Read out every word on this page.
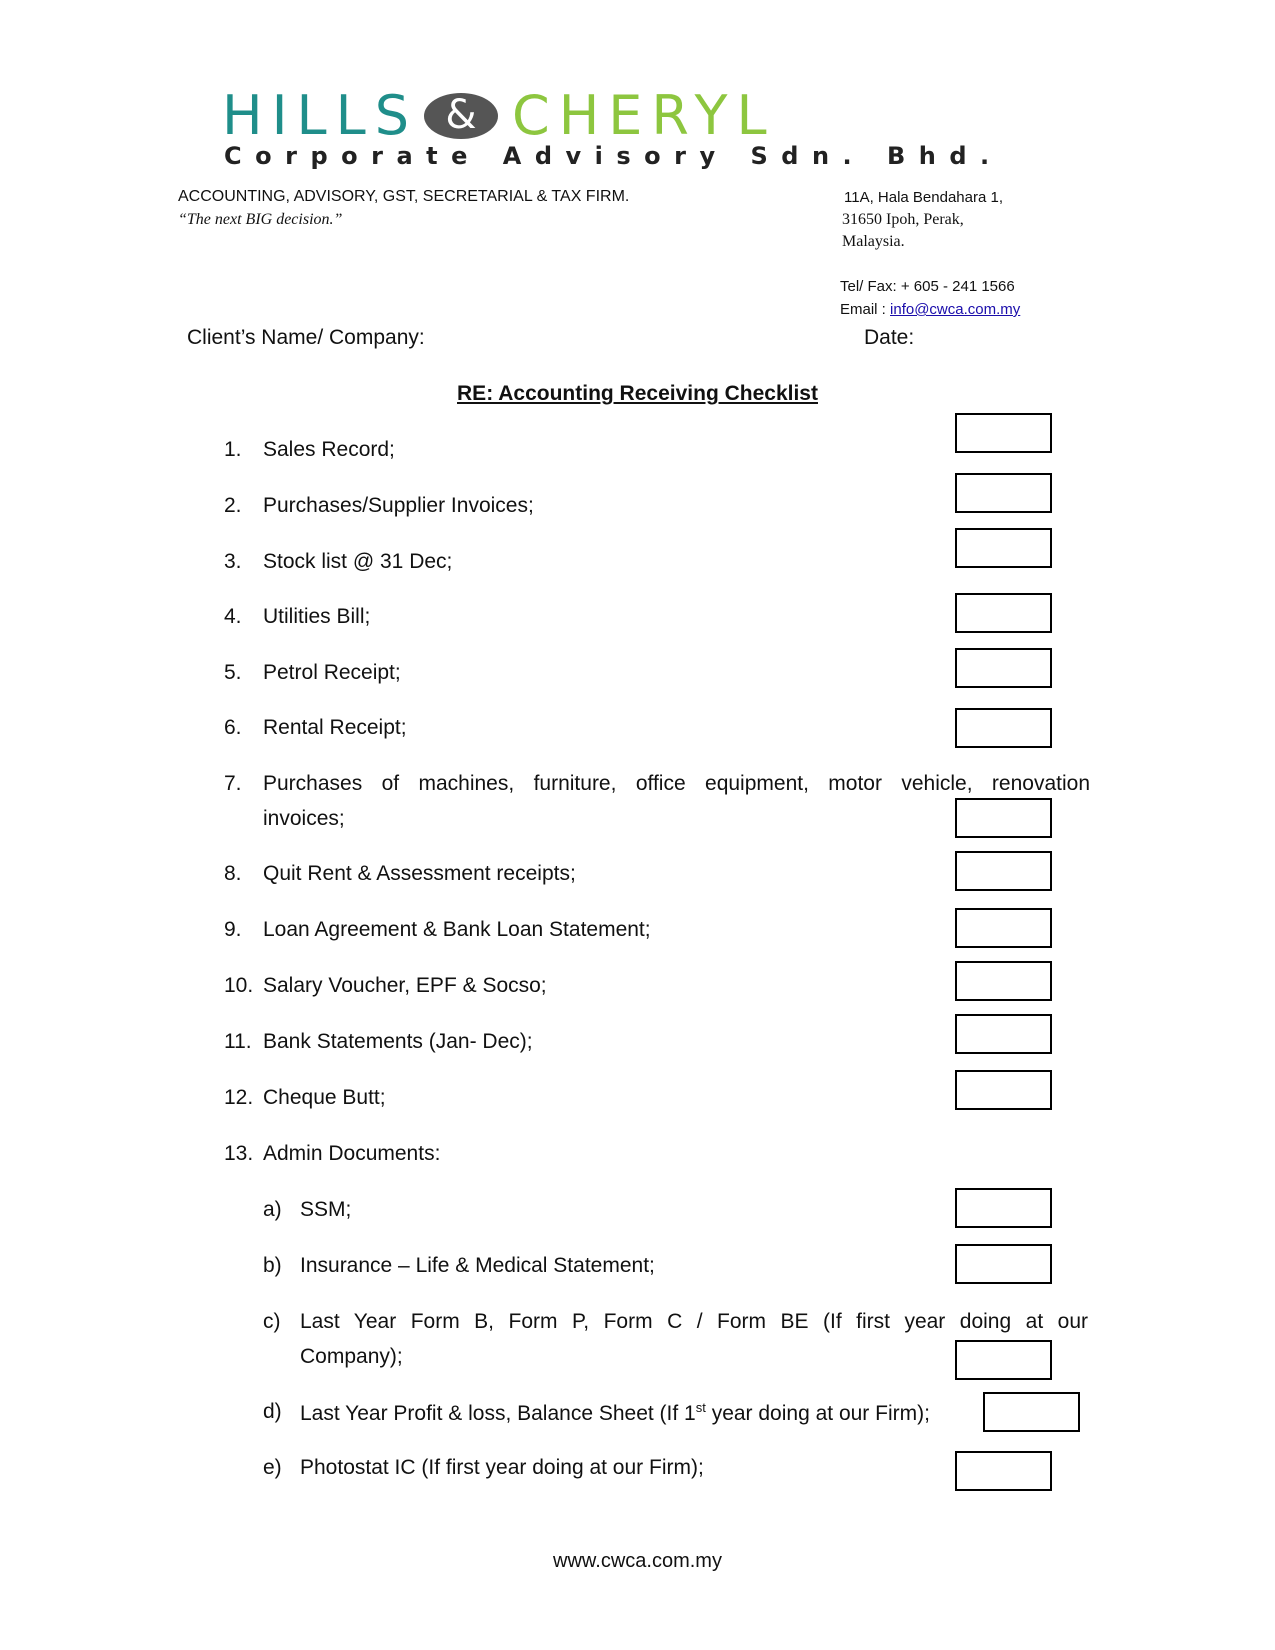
HILLS & CHERYL
Corporate Advisory Sdn. Bhd.
ACCOUNTING, ADVISORY, GST, SECRETARIAL & TAX FIRM.
“The next BIG decision.”
11A, Hala Bendahara 1,
31650 Ipoh, Perak,
Malaysia.
Tel/ Fax: + 605 - 241 1566
Email : info@cwca.com.my
Client’s Name/ Company:	Date:
RE: Accounting Receiving Checklist
1. Sales Record;
2. Purchases/Supplier Invoices;
3. Stock list @ 31 Dec;
4. Utilities Bill;
5. Petrol Receipt;
6. Rental Receipt;
7. Purchases of machines, furniture, office equipment, motor vehicle, renovation
invoices;
8. Quit Rent & Assessment receipts;
9. Loan Agreement & Bank Loan Statement;
10. Salary Voucher, EPF & Socso;
11. Bank Statements (Jan- Dec);
12. Cheque Butt;
13. Admin Documents:
a) SSM;
b) Insurance – Life & Medical Statement;
c) Last Year Form B, Form P, Form C / Form BE (If first year doing at our
Company);
d) Last Year Profit & loss, Balance Sheet (If 1st year doing at our Firm);
e) Photostat IC (If first year doing at our Firm);
www.cwca.com.my
